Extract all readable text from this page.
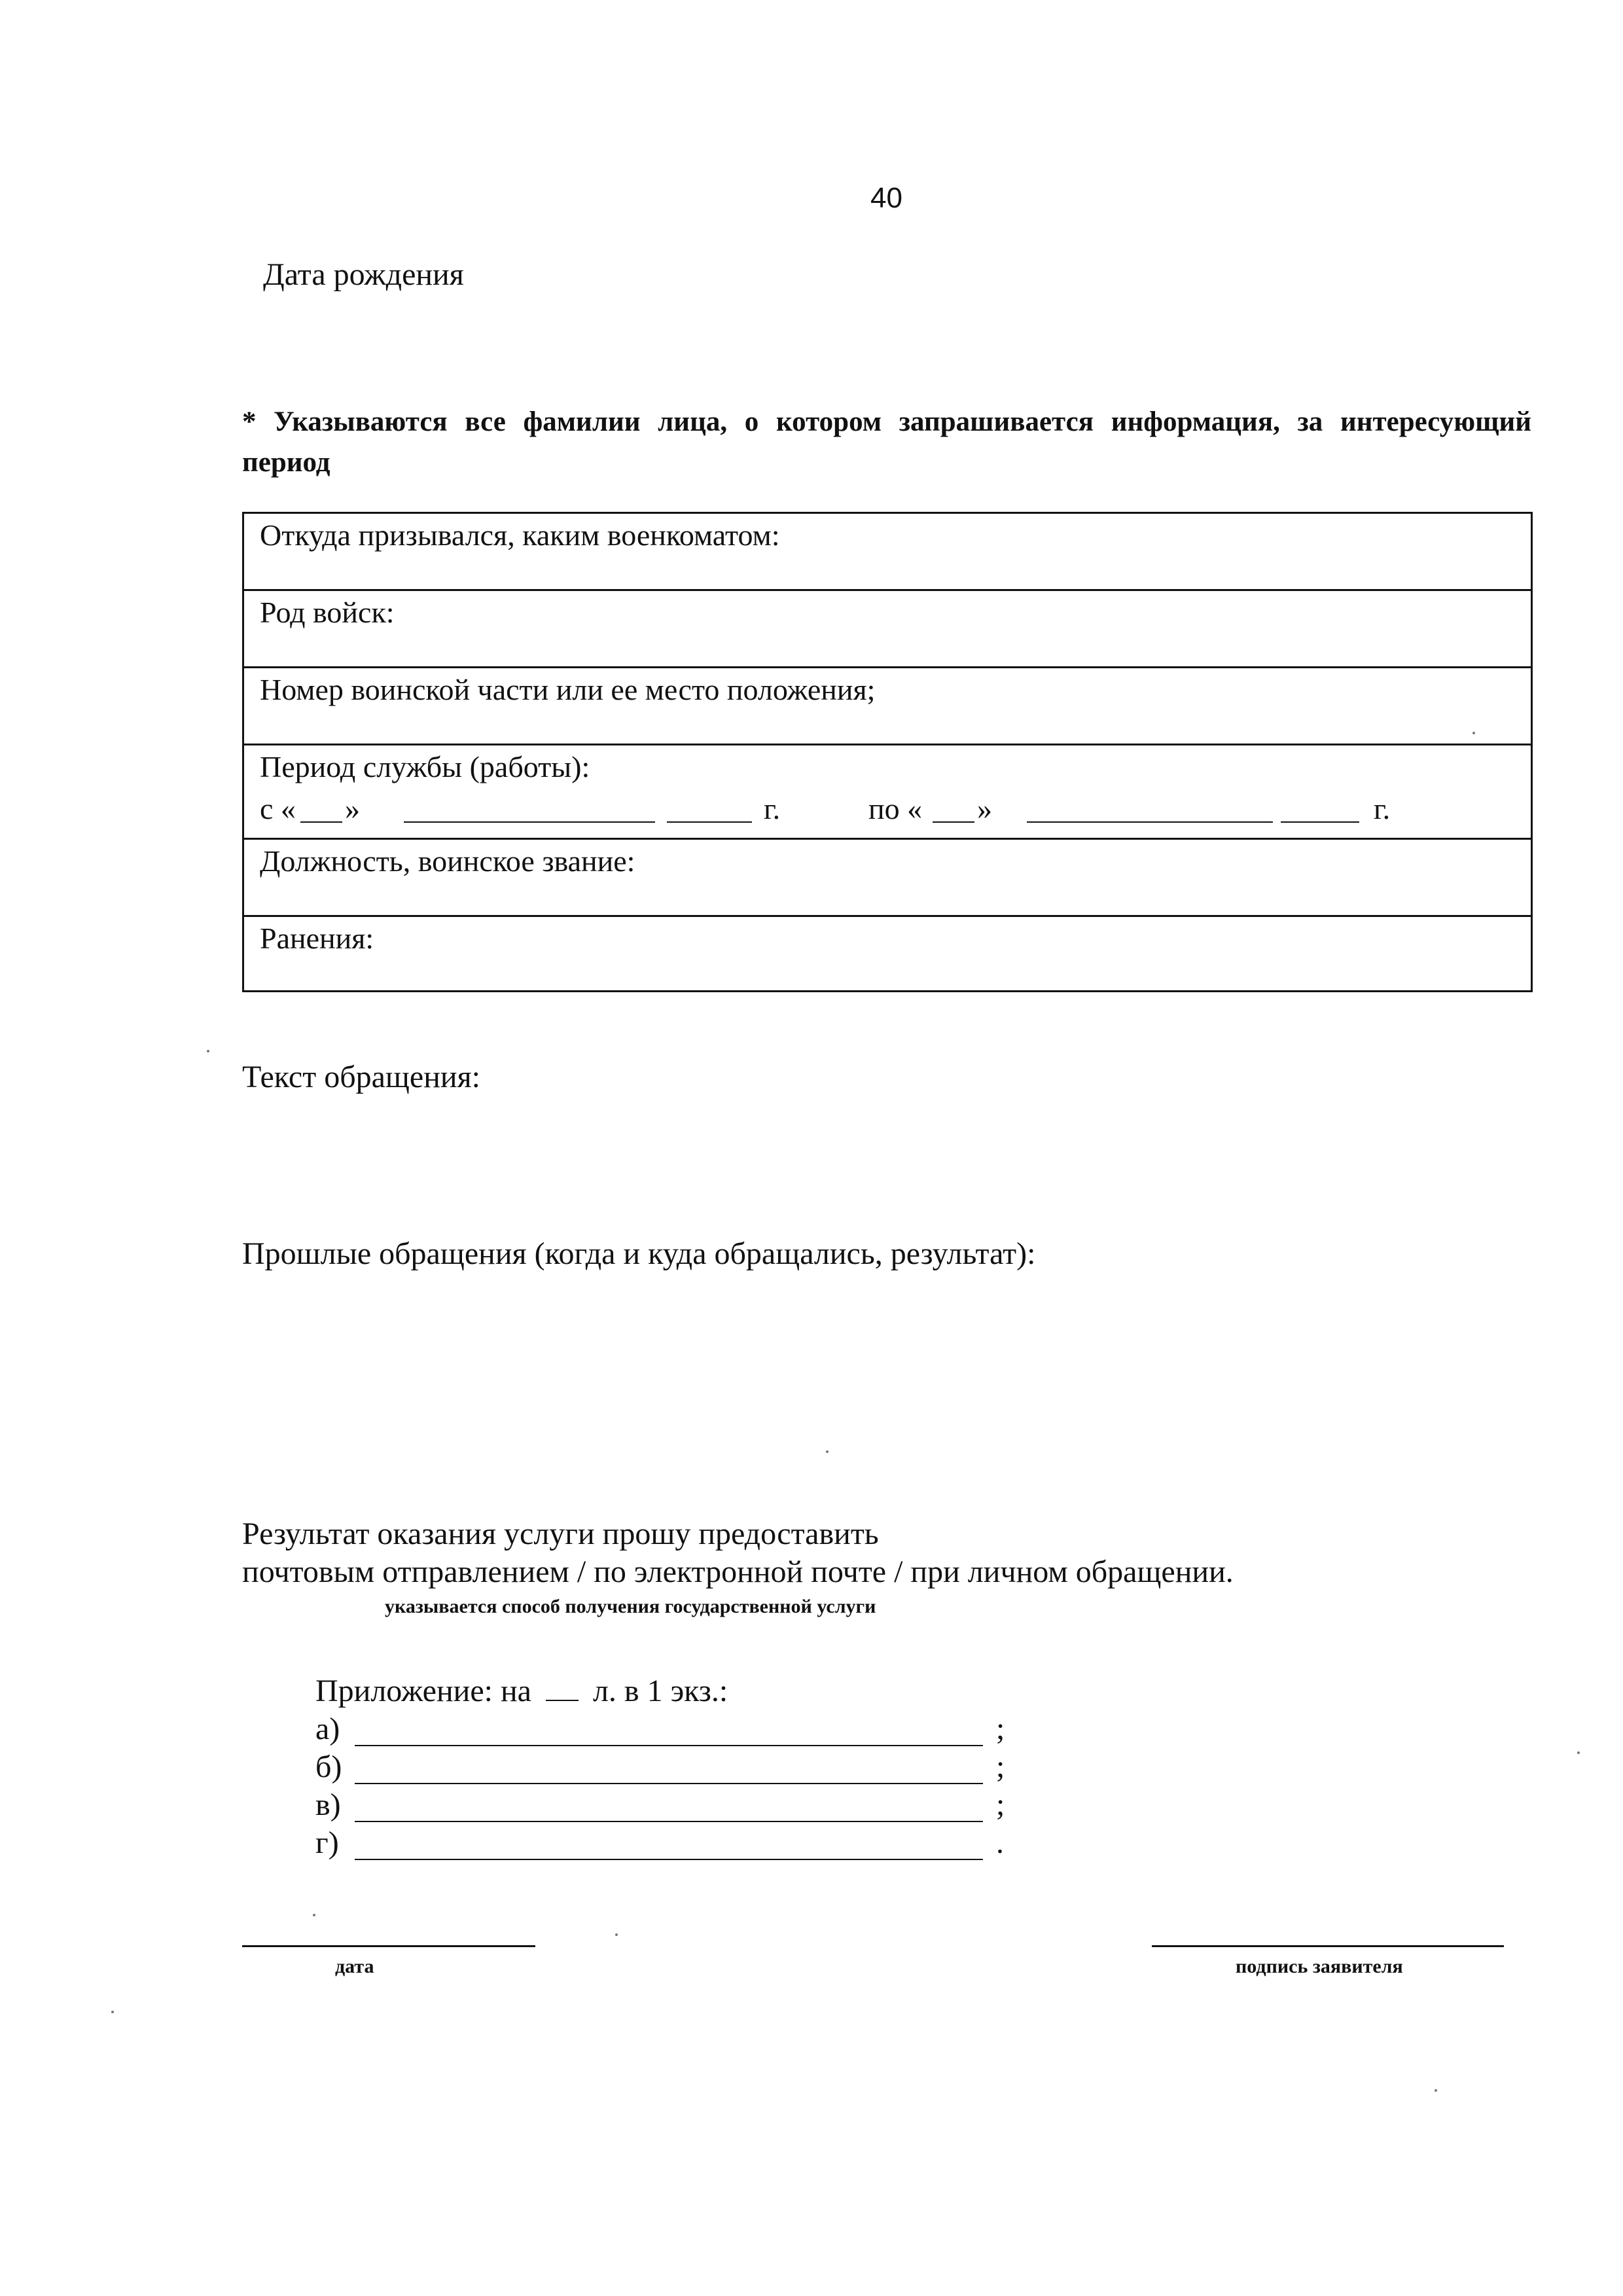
40
Дата рождения
* Указываются все фамилии лица, о котором запрашивается информация, за интересующий
период
Откуда призывался, каким военкоматом:
Род войск:
Номер воинской части или ее место положения;
Период службы (работы):
с « »	г.	по « »	г.
Должность, воинское звание:
Ранения:
Текст обращения:
Прошлые обращения (когда и куда обращались, результат):
Результат оказания услуги прошу предоставить
почтовым отправлением / по электронной почте / при личном обращении.
указывается способ получения государственной услуги
Приложение: на л. в 1 экз.:
а)	;
б)	;
в)	;
г)	.
дата	подпись заявителя
